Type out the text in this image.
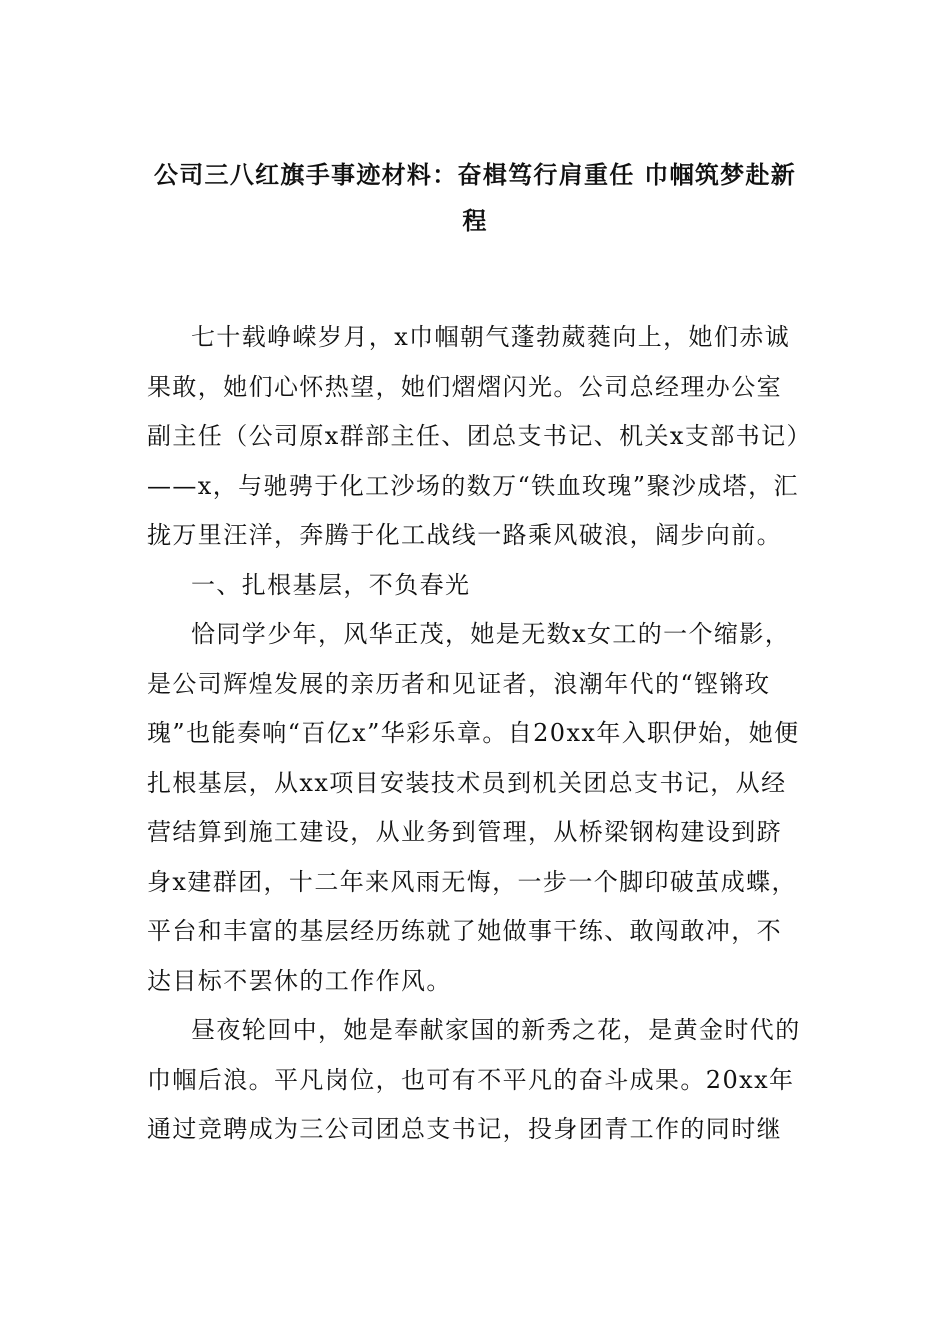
公司三八红旗手事迹材料：奋楫笃行肩重任 巾帼筑梦赴新程

七十载峥嵘岁月，x巾帼朝气蓬勃葳蕤向上，她们赤诚果敢，她们心怀热望，她们熠熠闪光。公司总经理办公室副主任（公司原x群部主任、团总支书记、机关x支部书记）——x，与驰骋于化工沙场的数万“铁血玫瑰”聚沙成塔，汇拢万里汪洋，奔腾于化工战线一路乘风破浪，阔步向前。

一、扎根基层，不负春光

恰同学少年，风华正茂，她是无数x女工的一个缩影，是公司辉煌发展的亲历者和见证者，浪潮年代的“铿锵玫瑰”也能奏响“百亿x”华彩乐章。自20xx年入职伊始，她便扎根基层，从xx项目安装技术员到机关团总支书记，从经营结算到施工建设，从业务到管理，从桥梁钢构建设到跻身x建群团，十二年来风雨无悔，一步一个脚印破茧成蝶，平台和丰富的基层经历练就了她做事干练、敢闯敢冲，不达目标不罢休的工作作风。

昼夜轮回中，她是奉献家国的新秀之花，是黄金时代的巾帼后浪。平凡岗位，也可有不平凡的奋斗成果。20xx年通过竞聘成为三公司团总支书记，投身团青工作的同时继
